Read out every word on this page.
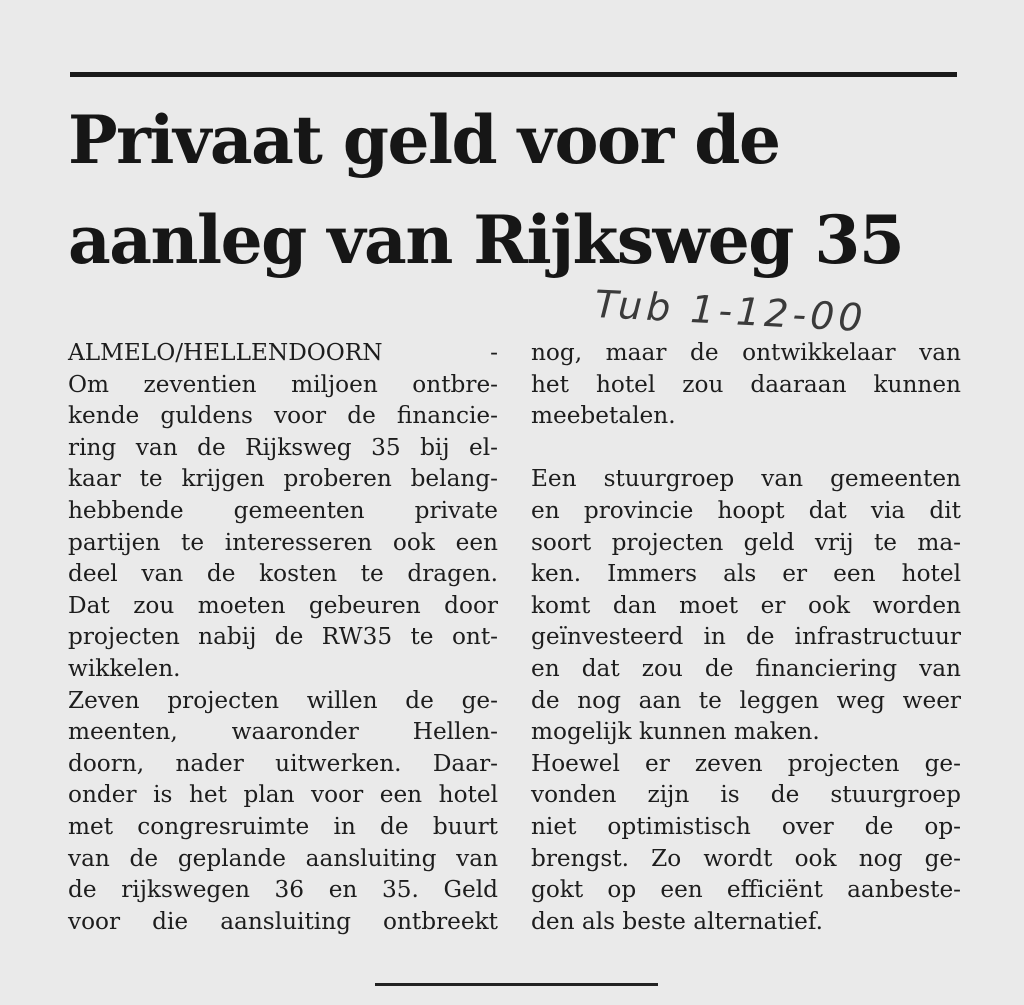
Privaat geld voor de
aanleg van Rijksweg 35
Tub 1-12-00
ALMELO/HELLENDOORN -
Om zeventien miljoen ontbre-
kende guldens voor de financie-
ring van de Rijksweg 35 bij el-
kaar te krijgen proberen belang-
hebbende gemeenten private
partijen te interesseren ook een
deel van de kosten te dragen.
Dat zou moeten gebeuren door
projecten nabij de RW35 te ont-
wikkelen.
Zeven projecten willen de ge-
meenten, waaronder Hellen-
doorn, nader uitwerken. Daar-
onder is het plan voor een hotel
met congresruimte in de buurt
van de geplande aansluiting van
de rijkswegen 36 en 35. Geld
voor die aansluiting ontbreekt
nog, maar de ontwikkelaar van
het hotel zou daaraan kunnen
meebetalen.
Een stuurgroep van gemeenten
en provincie hoopt dat via dit
soort projecten geld vrij te ma-
ken. Immers als er een hotel
komt dan moet er ook worden
geïnvesteerd in de infrastructuur
en dat zou de financiering van
de nog aan te leggen weg weer
mogelijk kunnen maken.
Hoewel er zeven projecten ge-
vonden zijn is de stuurgroep
niet optimistisch over de op-
brengst. Zo wordt ook nog ge-
gokt op een efficiënt aanbeste-
den als beste alternatief.
